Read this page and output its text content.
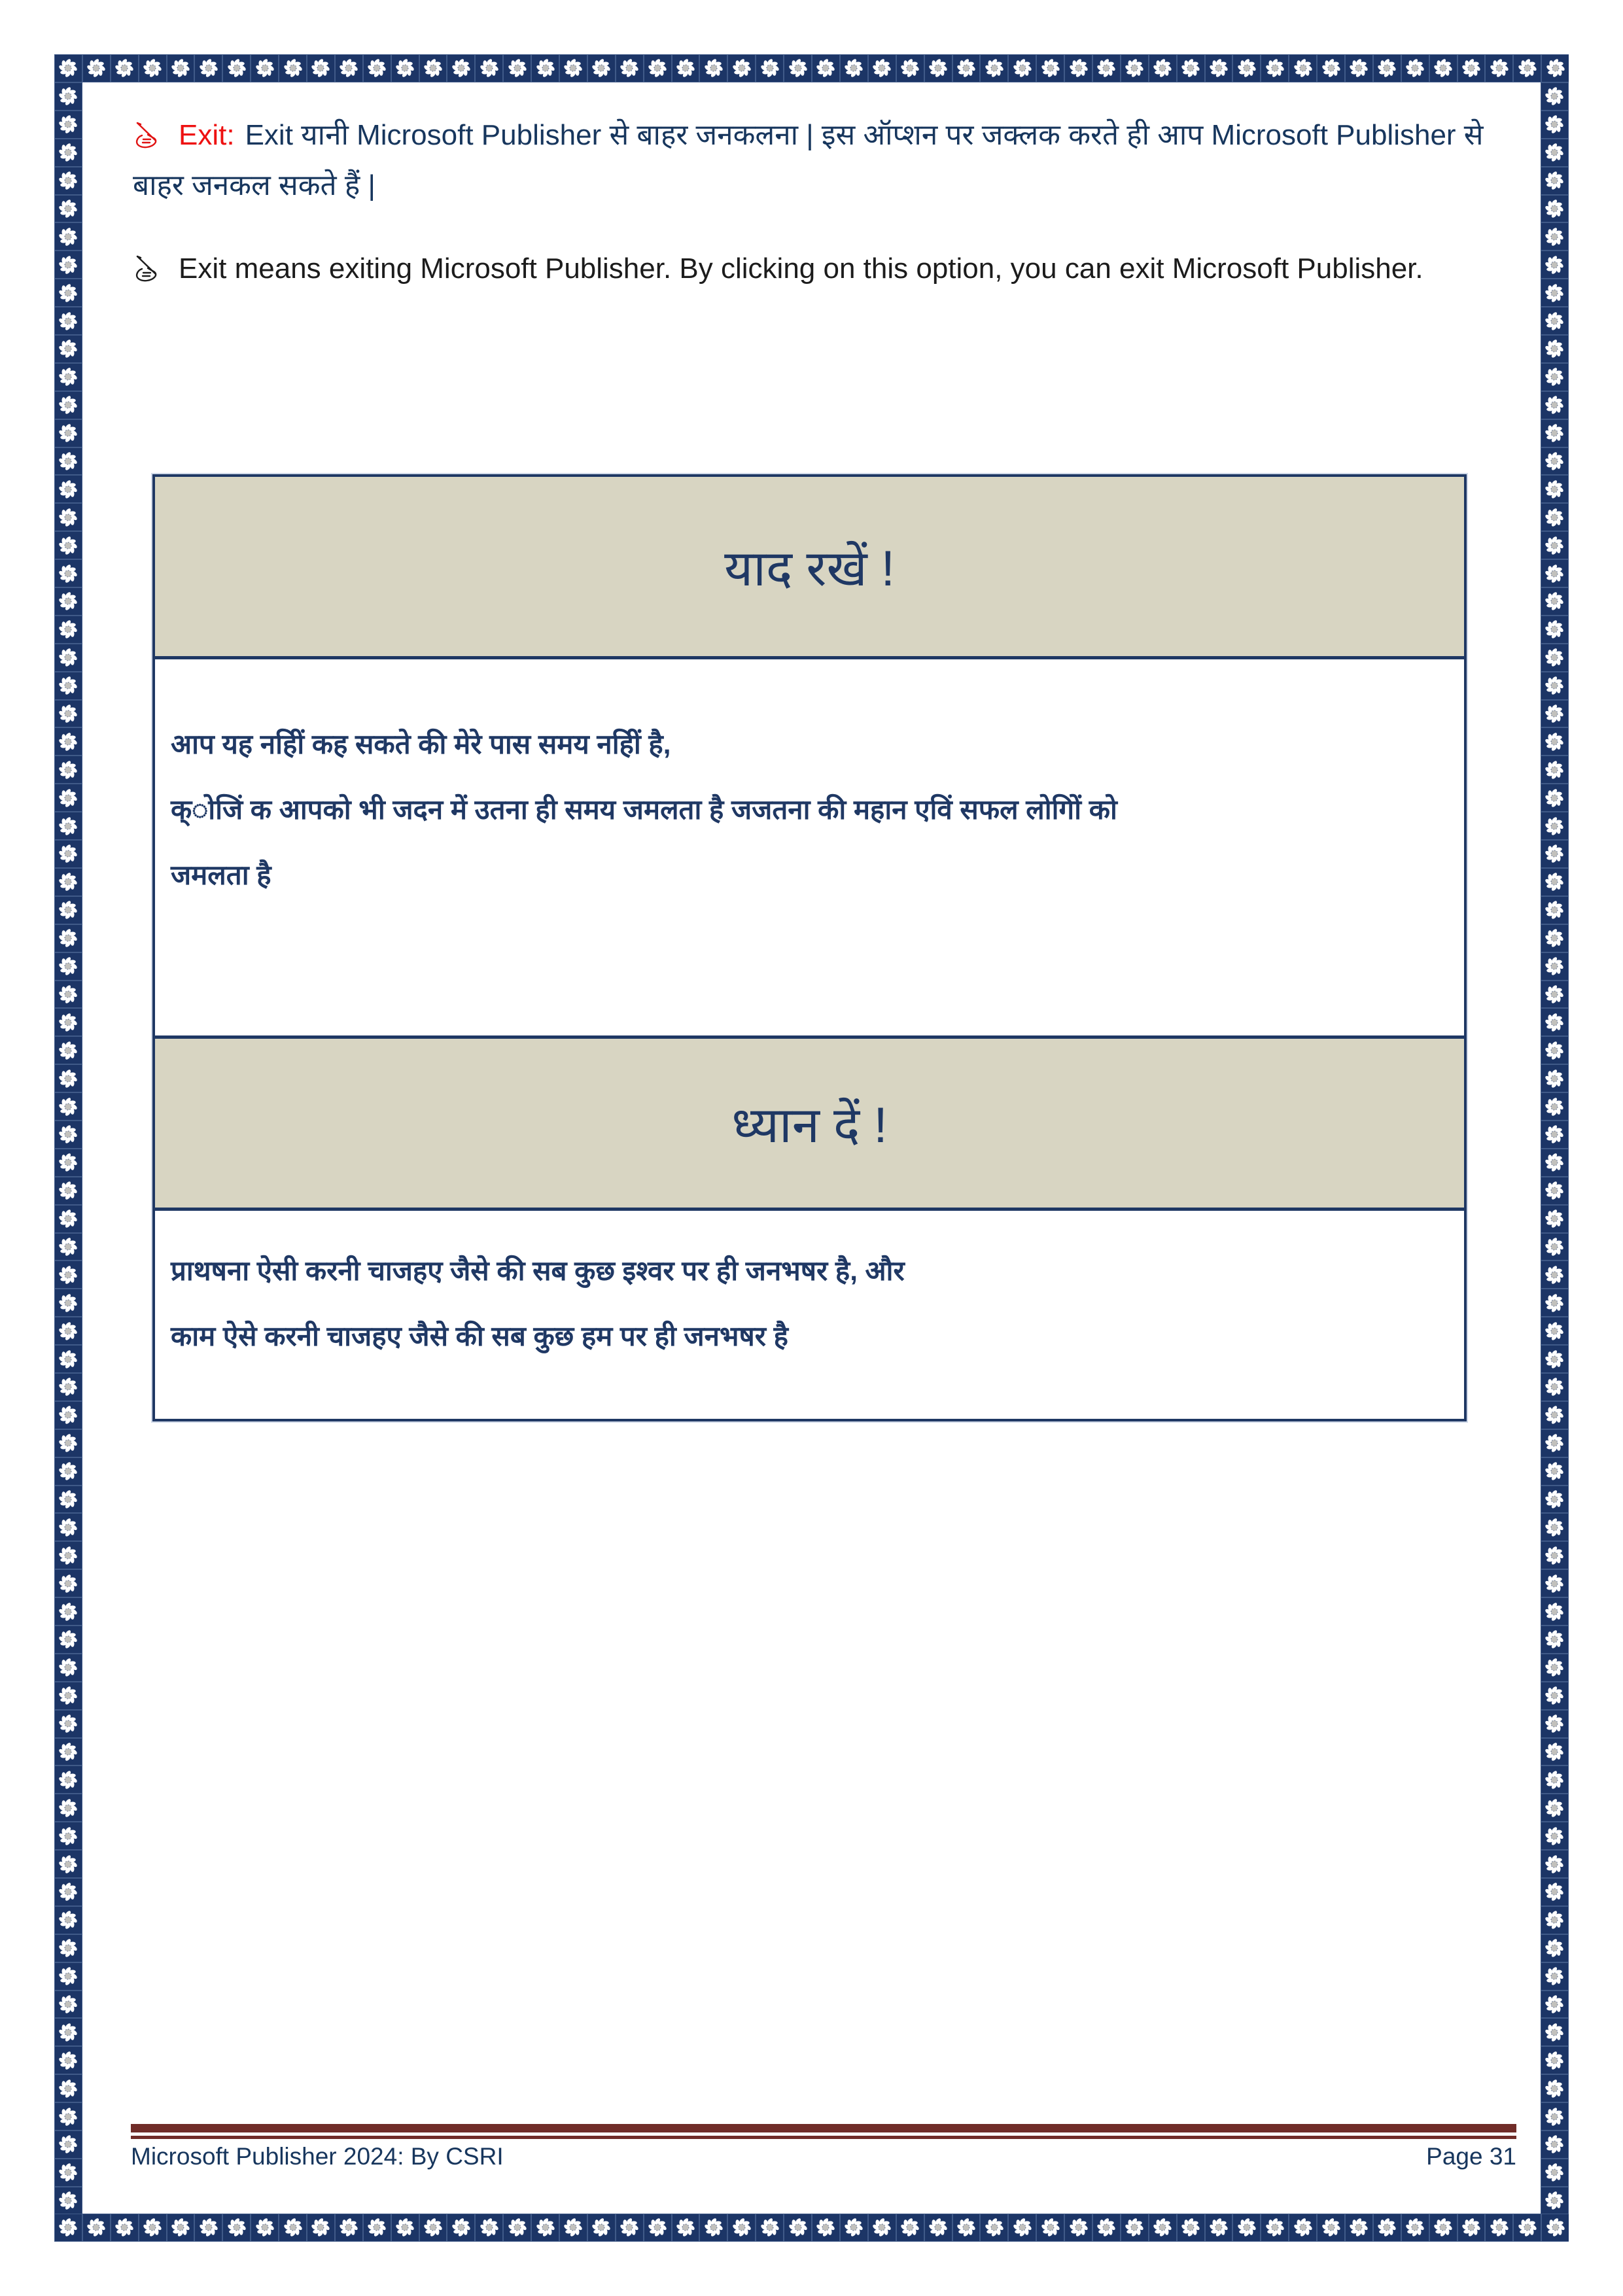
Exit: Exit यानी Microsoft Publisher से बाहर जनकलना | इस ऑप्शन पर जक्लक करते ही आप Microsoft Publisher से बाहर जनकल सकते हैं |
Exit means exiting Microsoft Publisher. By clicking on this option, you can exit Microsoft Publisher.
याद रखें !
आप यह नहीिं कह सकते की मेरे पास समय नहीिं है,
क्ोजिं क आपको भी जदन में उतना ही समय जमलता है जजतना की महान एविं सफल लोगोिं को
जमलता है
ध्यान दें !
प्राथषना ऐसी करनी चाजहए जैसे की सब कुछ इश्वर पर ही जनभषर है, और
काम ऐसे करनी चाजहए जैसे की सब कुछ हम पर ही जनभषर है
Microsoft Publisher 2024: By CSRI	Page 31
